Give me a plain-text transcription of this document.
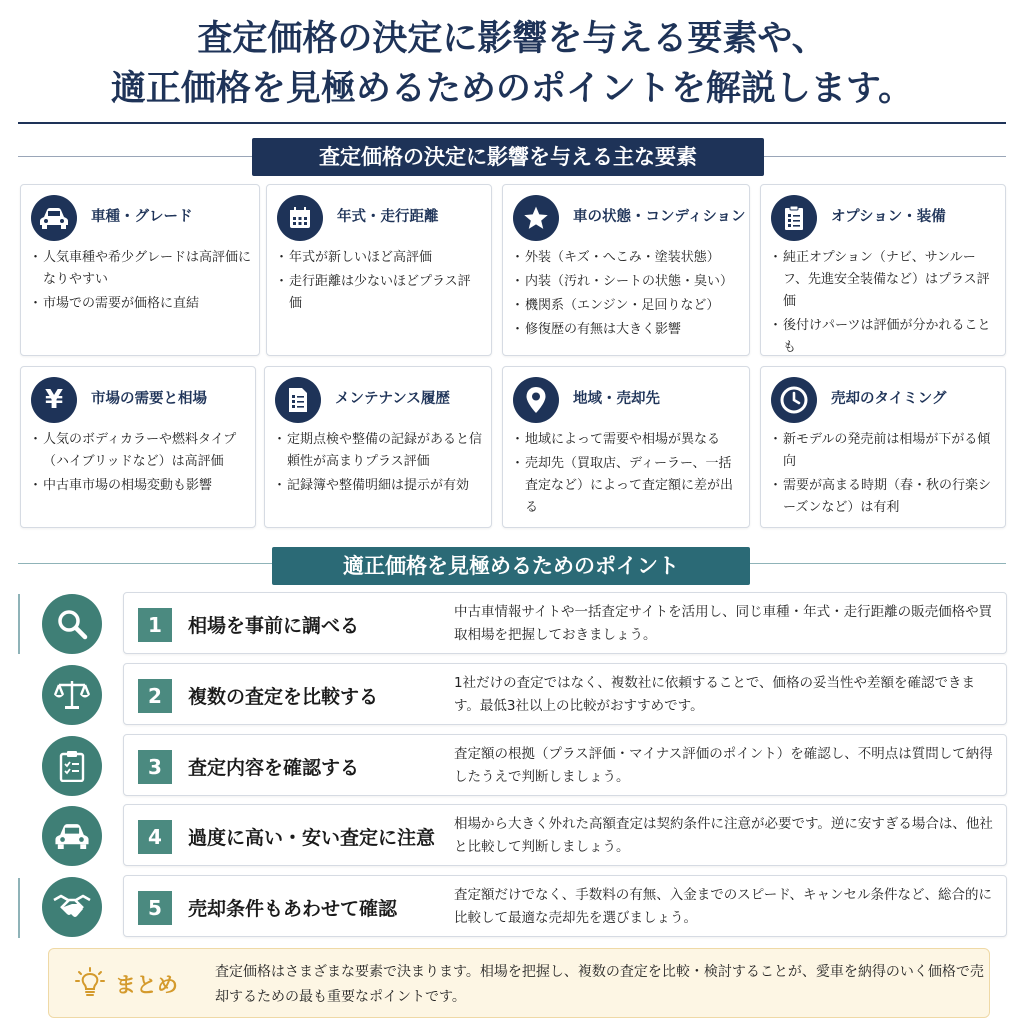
査定価格の決定に影響を与える要素や、
適正価格を見極めるためのポイントを解説します。
査定価格の決定に影響を与える主な要素
車種・グレード
・ 人気車種や希少グレードは高評価になりやすい
・ 市場での需要が価格に直結
年式・走行距離
・ 年式が新しいほど高評価
・ 走行距離は少ないほどプラス評価
車の状態・コンディション
・ 外装（キズ・へこみ・塗装状態）
・ 内装（汚れ・シートの状態・臭い）
・ 機関系（エンジン・足回りなど）
・ 修復歴の有無は大きく影響
オプション・装備
・ 純正オプション（ナビ、サンルーフ、先進安全装備など）はプラス評価
・ 後付けパーツは評価が分かれることも
¥ 市場の需要と相場
・ 人気のボディカラーや燃料タイプ（ハイブリッドなど）は高評価
・ 中古車市場の相場変動も影響
メンテナンス履歴
・ 定期点検や整備の記録があると信頼性が高まりプラス評価
・ 記録簿や整備明細は提示が有効
地域・売却先
・ 地域によって需要や相場が異なる
・ 売却先（買取店、ディーラー、一括査定など）によって査定額に差が出る
売却のタイミング
・ 新モデルの発売前は相場が下がる傾向
・ 需要が高まる時期（春・秋の行楽シーズンなど）は有利
適正価格を見極めるためのポイント
1	相場を事前に調べる
中古車情報サイトや一括査定サイトを活用し、同じ車種・年式・走行距離の販売価格や買取相場を把握しておきましょう。
2	複数の査定を比較する
1社だけの査定ではなく、複数社に依頼することで、価格の妥当性や差額を確認できます。最低3社以上の比較がおすすめです。
3	査定内容を確認する
査定額の根拠（プラス評価・マイナス評価のポイント）を確認し、不明点は質問して納得したうえで判断しましょう。
4	過度に高い・安い査定に注意
相場から大きく外れた高額査定は契約条件に注意が必要です。逆に安すぎる場合は、他社と比較して判断しましょう。
5	売却条件もあわせて確認
査定額だけでなく、手数料の有無、入金までのスピード、キャンセル条件など、総合的に比較して最適な売却先を選びましょう。
まとめ
査定価格はさまざまな要素で決まります。相場を把握し、複数の査定を比較・検討することが、愛車を納得のいく価格で売却するための最も重要なポイントです。
